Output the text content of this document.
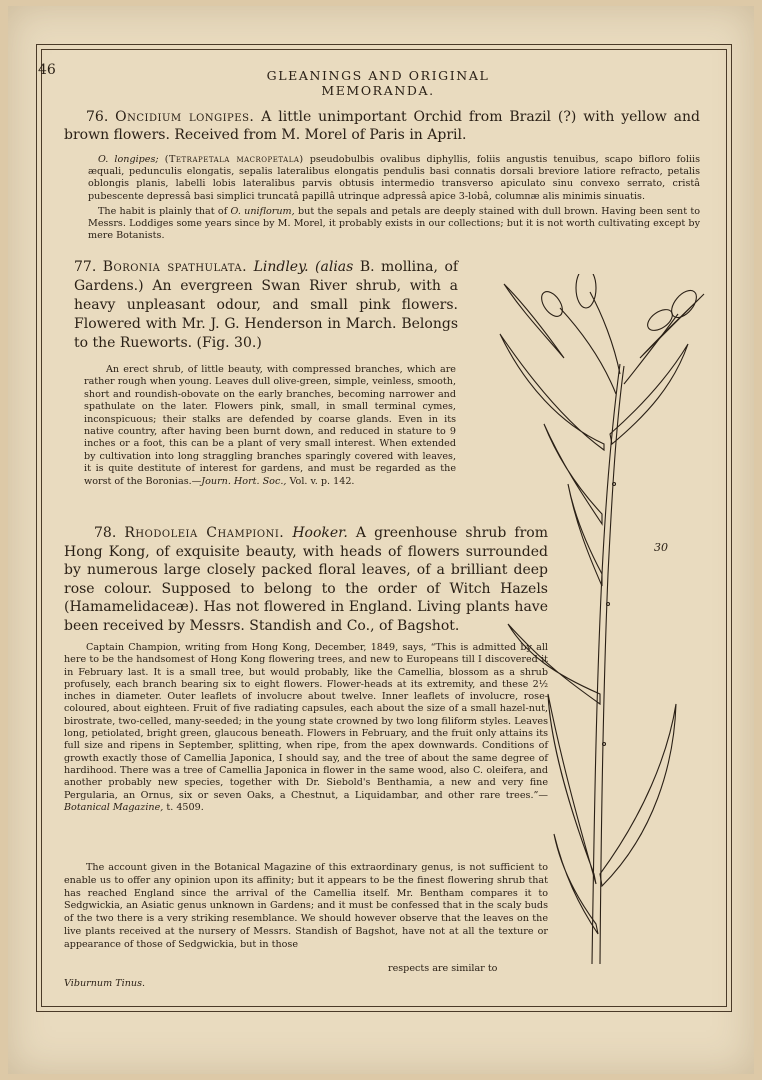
46	GLEANINGS AND ORIGINAL MEMORANDA.

76. Oncidium longipes. A little unimportant Orchid from Brazil (?) with yellow and brown flowers. Received from M. Morel of Paris in April.

O. longipes; (Tetrapetala macropetala) pseudobulbis ovalibus diphyllis, foliis angustis tenuibus, scapo bifloro foliis æquali, pedunculis elongatis, sepalis lateralibus elongatis pendulis basi connatis dorsali breviore latiore refracto, petalis oblongis planis, labelli lobis lateralibus parvis obtusis intermedio transverso apiculato sinu convexo serrato, cristâ pubescente depressâ basi simplici truncatâ papillâ utrinque adpressâ apice 3-lobâ, columnæ alis minimis sinuatis.

The habit is plainly that of O. uniflorum, but the sepals and petals are deeply stained with dull brown. Having been sent to Messrs. Loddiges some years since by M. Morel, it probably exists in our collections; but it is not worth cultivating except by mere Botanists.

77. Boronia spathulata. Lindley. (alias B. mollina, of Gardens.) An evergreen Swan River shrub, with a heavy unpleasant odour, and small pink flowers. Flowered with Mr. J. G. Henderson in March. Belongs to the Rueworts. (Fig. 30.)

An erect shrub, of little beauty, with compressed branches, which are rather rough when young. Leaves dull olive-green, simple, veinless, smooth, short and roundish-obovate on the early branches, becoming narrower and spathulate on the later. Flowers pink, small, in small terminal cymes, inconspicuous; their stalks are defended by coarse glands. Even in its native country, after having been burnt down, and reduced in stature to 9 inches or a foot, this can be a plant of very small interest. When extended by cultivation into long straggling branches sparingly covered with leaves, it is quite destitute of interest for gardens, and must be regarded as the worst of the Boronias.—Journ. Hort. Soc., Vol. v. p. 142.

78. Rhodoleia Championi. Hooker. A greenhouse shrub from Hong Kong, of exquisite beauty, with heads of flowers surrounded by numerous large closely packed floral leaves, of a brilliant deep rose colour. Supposed to belong to the order of Witch Hazels (Hamamelidaceæ). Has not flowered in England. Living plants have been received by Messrs. Standish and Co., of Bagshot.

Captain Champion, writing from Hong Kong, December, 1849, says, “This is admitted by all here to be the handsomest of Hong Kong flowering trees, and new to Europeans till I discovered it in February last. It is a small tree, but would probably, like the Camellia, blossom as a shrub profusely, each branch bearing six to eight flowers. Flower-heads at its extremity, and these 2½ inches in diameter. Outer leaflets of involucre about twelve. Inner leaflets of involucre, rose-coloured, about eighteen. Fruit of five radiating capsules, each about the size of a small hazel-nut, birostrate, two-celled, many-seeded; in the young state crowned by two long filiform styles. Leaves long, petiolated, bright green, glaucous beneath. Flowers in February, and the fruit only attains its full size and ripens in September, splitting, when ripe, from the apex downwards. Conditions of growth exactly those of Camellia Japonica, I should say, and the tree of about the same degree of hardihood. There was a tree of Camellia Japonica in flower in the same wood, also C. oleifera, and another probably new species, together with Dr. Siebold's Benthamia, a new and very fine Pergularia, an Ornus, six or seven Oaks, a Chestnut, a Liquidambar, and other rare trees.”—Botanical Magazine, t. 4509.

The account given in the Botanical Magazine of this extraordinary genus, is not sufficient to enable us to offer any opinion upon its affinity; but it appears to be the finest flowering shrub that has reached England since the arrival of the Camellia itself. Mr. Bentham compares it to Sedgwickia, an Asiatic genus unknown in Gardens; and it must be confessed that in the scaly buds of the two there is a very striking resemblance. We should however observe that the leaves on the live plants received at the nursery of Messrs. Standish of Bagshot, have not at all the texture or appearance of those of Sedgwickia, but in those

respects are similar to

Viburnum Tinus.

30
